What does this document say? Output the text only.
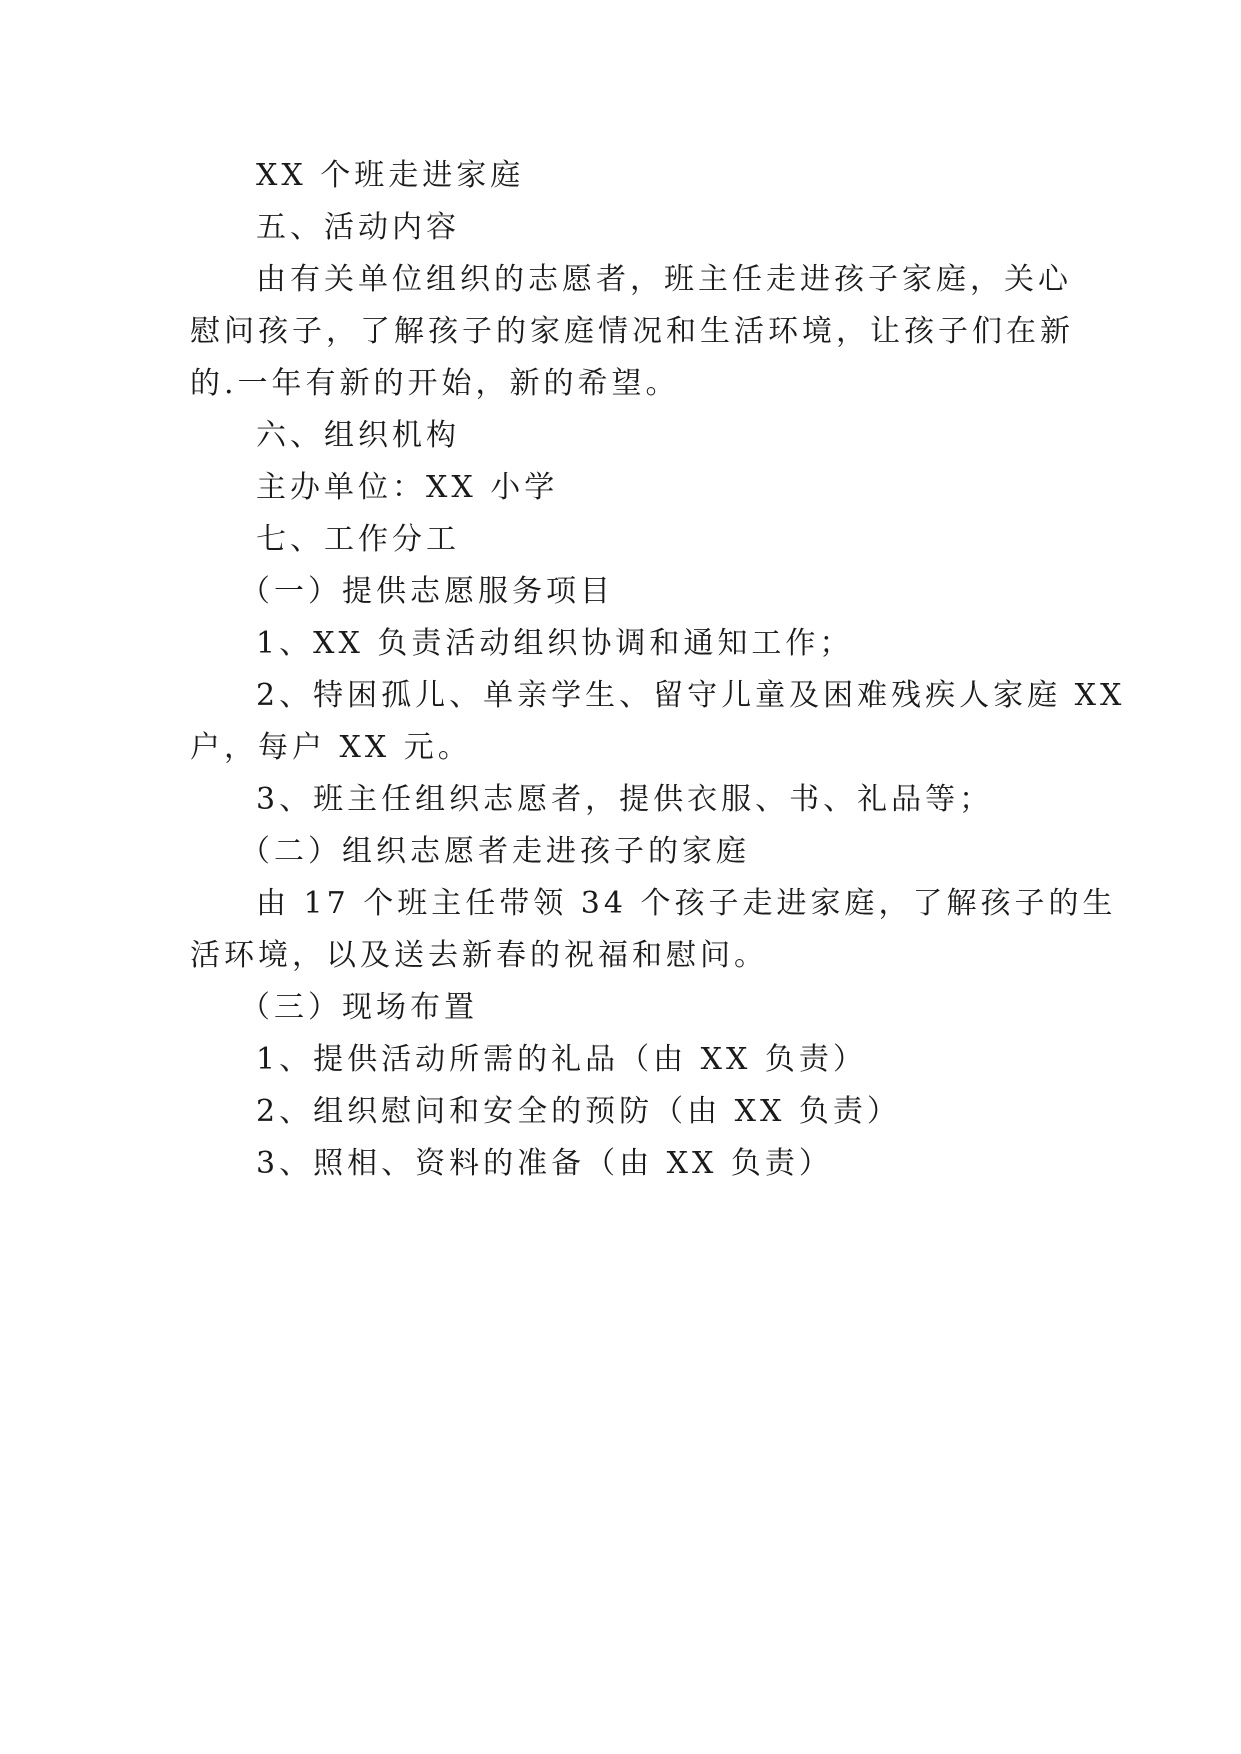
XX 个班走进家庭
五、活动内容
由有关单位组织的志愿者，班主任走进孩子家庭，关心
慰问孩子，了解孩子的家庭情况和生活环境，让孩子们在新
的.一年有新的开始，新的希望。
六、组织机构
主办单位：XX 小学
七、工作分工
（一）提供志愿服务项目
1、XX 负责活动组织协调和通知工作；
2、特困孤儿、单亲学生、留守儿童及困难残疾人家庭 XX
户，每户 XX 元。
3、班主任组织志愿者，提供衣服、书、礼品等；
（二）组织志愿者走进孩子的家庭
由 17 个班主任带领 34 个孩子走进家庭，了解孩子的生
活环境，以及送去新春的祝福和慰问。
（三）现场布置
1、提供活动所需的礼品（由 XX 负责）
2、组织慰问和安全的预防（由 XX 负责）
3、照相、资料的准备（由 XX 负责）
